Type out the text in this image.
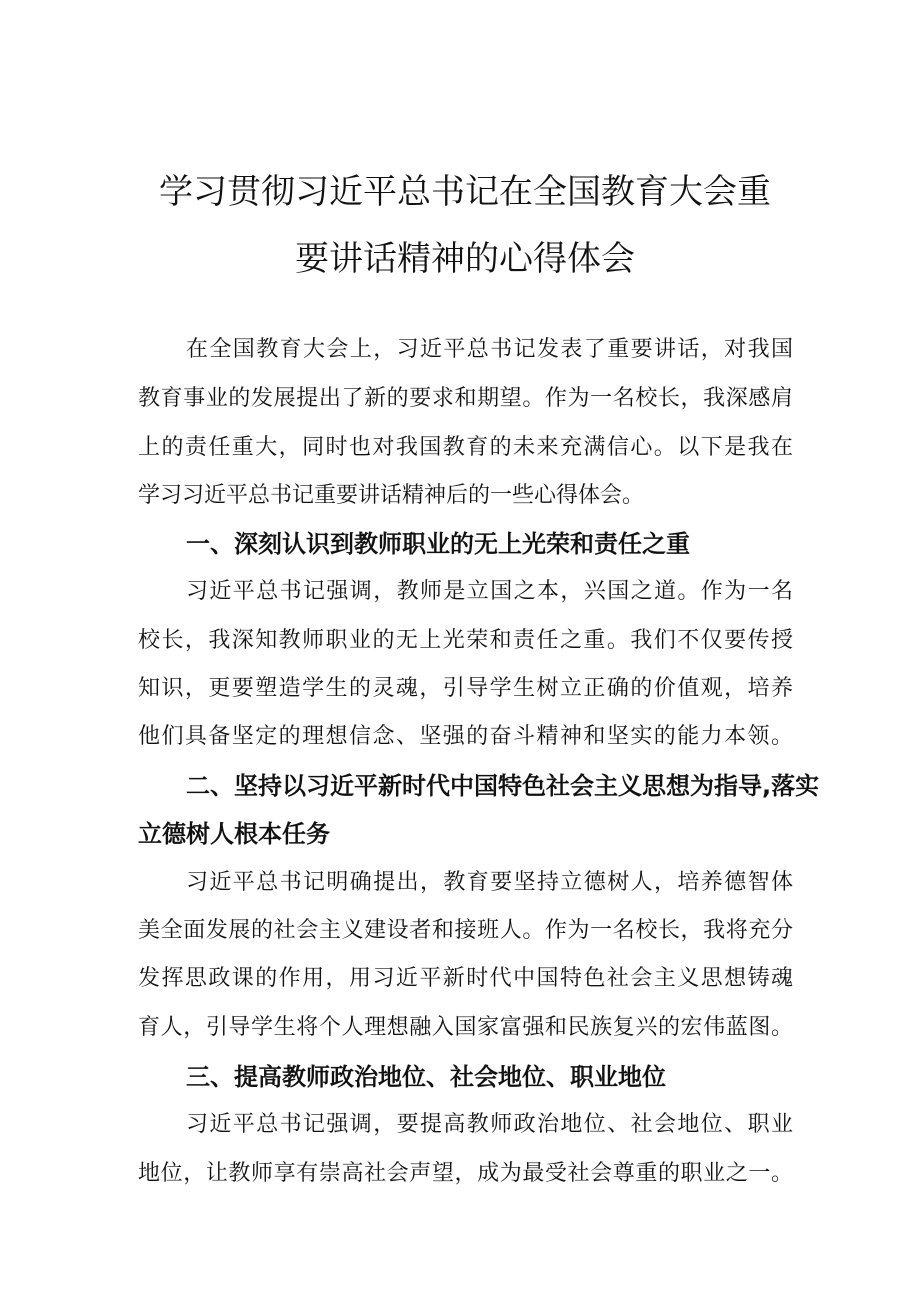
学习贯彻习近平总书记在全国教育大会重
要讲话精神的心得体会

在全国教育大会上，习近平总书记发表了重要讲话，对我国

教育事业的发展提出了新的要求和期望。作为一名校长，我深感肩

上的责任重大，同时也对我国教育的未来充满信心。以下是我在

学习习近平总书记重要讲话精神后的一些心得体会。

一、深刻认识到教师职业的无上光荣和责任之重

习近平总书记强调，教师是立国之本，兴国之道。作为一名

校长，我深知教师职业的无上光荣和责任之重。我们不仅要传授

知识，更要塑造学生的灵魂，引导学生树立正确的价值观，培养

他们具备坚定的理想信念、坚强的奋斗精神和坚实的能力本领。

二、坚持以习近平新时代中国特色社会主义思想为指导,落实
立德树人根本任务

习近平总书记明确提出，教育要坚持立德树人，培养德智体

美全面发展的社会主义建设者和接班人。作为一名校长，我将充分

发挥思政课的作用，用习近平新时代中国特色社会主义思想铸魂

育人，引导学生将个人理想融入国家富强和民族复兴的宏伟蓝图。

三、提高教师政治地位、社会地位、职业地位

习近平总书记强调，要提高教师政治地位、社会地位、职业

地位，让教师享有崇高社会声望，成为最受社会尊重的职业之一。
